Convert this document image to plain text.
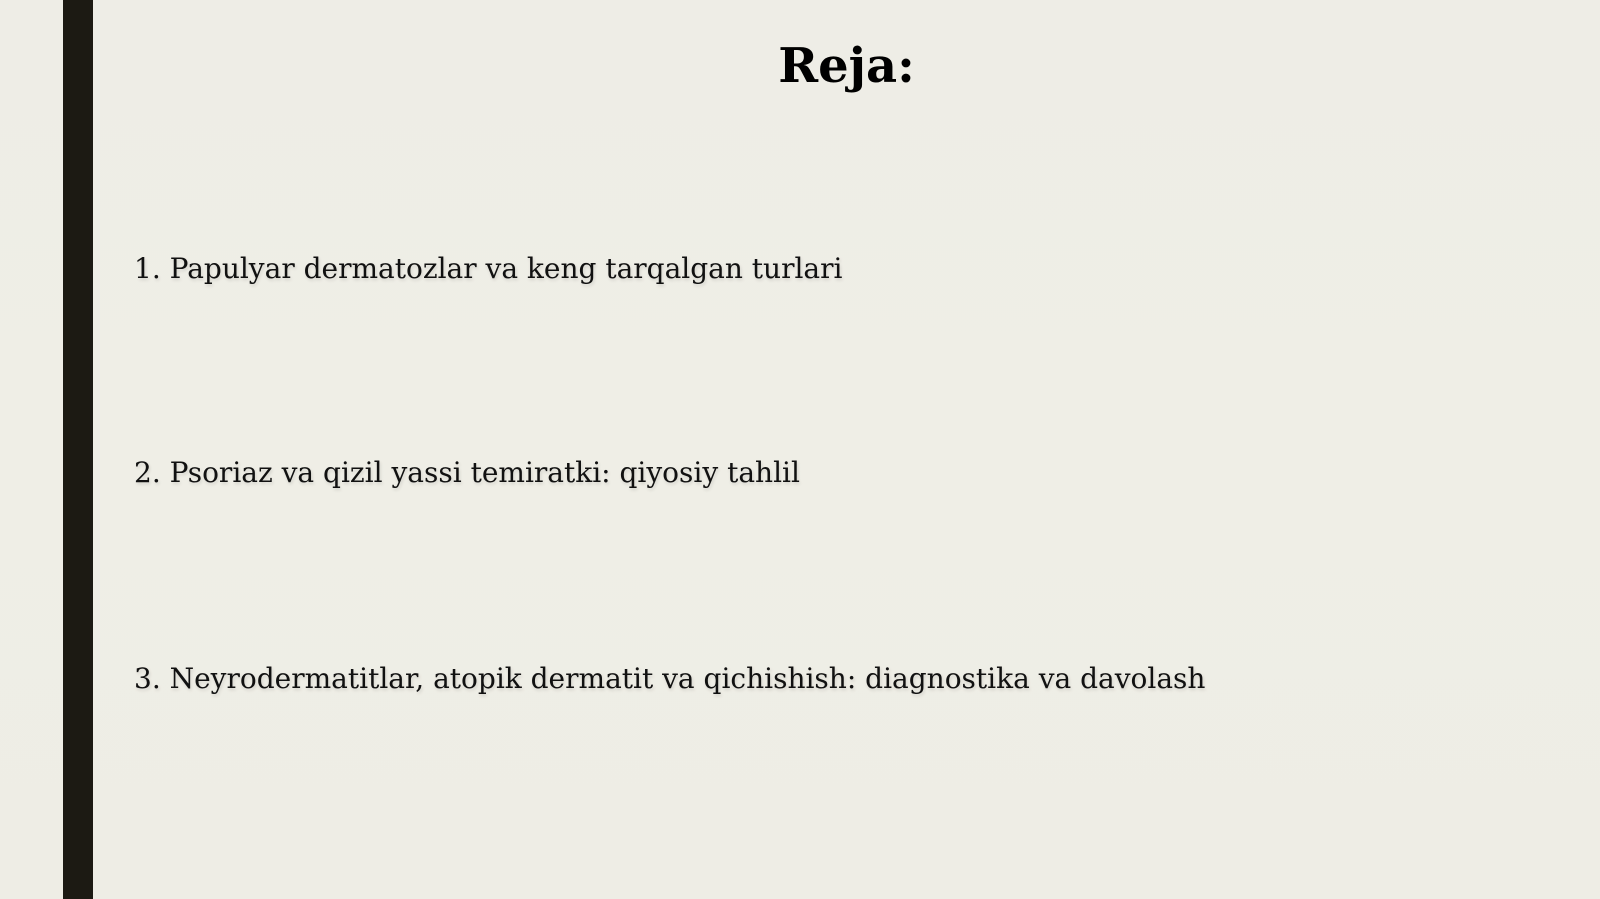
Reja:
1. Papulyar dermatozlar va keng tarqalgan turlari
2. Psoriaz va qizil yassi temiratki: qiyosiy tahlil
3. Neyrodermatitlar, atopik dermatit va qichishish: diagnostika va davolash
